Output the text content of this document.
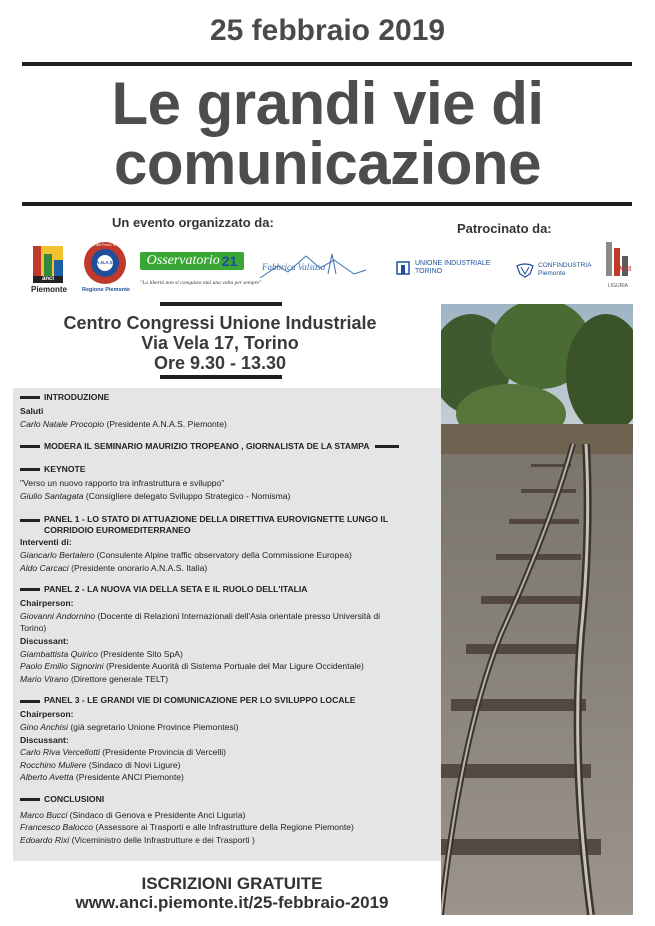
25 febbraio 2019
Le grandi vie di
comunicazione
Un evento organizzato da:
anci
Piemonte
Amici del Ferro Storico
A.N.A.S.
Regione Piemonte
Osservatorio 21
"La libertà non si conquista mai una volta per sempre"
Fabbrica Valsusa
Patrocinato da:
UNIONE INDUSTRIALE
TORINO
CONFINDUSTRIA
Piemonte
ANCI
LIGURIA
Centro Congressi Unione Industriale
Via Vela 17, Torino
Ore 9.30 - 13.30
INTRODUZIONE
Saluti
Carlo Natale Procopio (Presidente A.N.A.S. Piemonte)
MODERA IL SEMINARIO MAURIZIO TROPEANO , GIORNALISTA DE LA STAMPA
KEYNOTE
"Verso un nuovo rapporto tra infrastruttura e sviluppo"
Giulio Santagata (Consigliere delegato Sviluppo Strategico - Nomisma)
PANEL 1 - LO STATO DI ATTUAZIONE DELLA DIRETTIVA EUROVIGNETTE LUNGO IL
CORRIDOIO EUROMEDITERRANEO
Interventi di:
Giancarlo Bertalero (Consulente Alpine traffic observatory della Commissione Europea)
Aldo Carcaci (Presidente onorario A.N.A.S. Italia)
PANEL 2 - LA NUOVA VIA DELLA SETA E IL RUOLO DELL'ITALIA
Chairperson:
Giovanni Andornino (Docente di Relazioni Internazionali dell'Asia orientale presso Università di
Torino)
Discussant:
Giambattista Quirico (Presidente Sito SpA)
Paolo Emilio Signorini (Presidente Auorità di Sistema Portuale del Mar Ligure Occidentale)
Mario Virano (Direttore generale TELT)
PANEL 3 - LE GRANDI VIE DI COMUNICAZIONE PER LO SVILUPPO LOCALE
Chairperson:
Gino Anchisi (già segretario Unione Province Piemontesi)
Discussant:
Carlo Riva Vercellotti (Presidente Provincia di Vercelli)
Rocchino Muliere (Sindaco di Novi Ligure)
Alberto Avetta (Presidente ANCI Piemonte)
CONCLUSIONI
Marco Bucci (Sindaco di Genova e Presidente Anci Liguria)
Francesco Balocco (Assessore ai Trasporti e alle Infrastrutture della Regione Piemonte)
Edoardo Rixi (Viceministro delle Infrastrutture e dei Trasporti )
ISCRIZIONI GRATUITE
www.anci.piemonte.it/25-febbraio-2019
